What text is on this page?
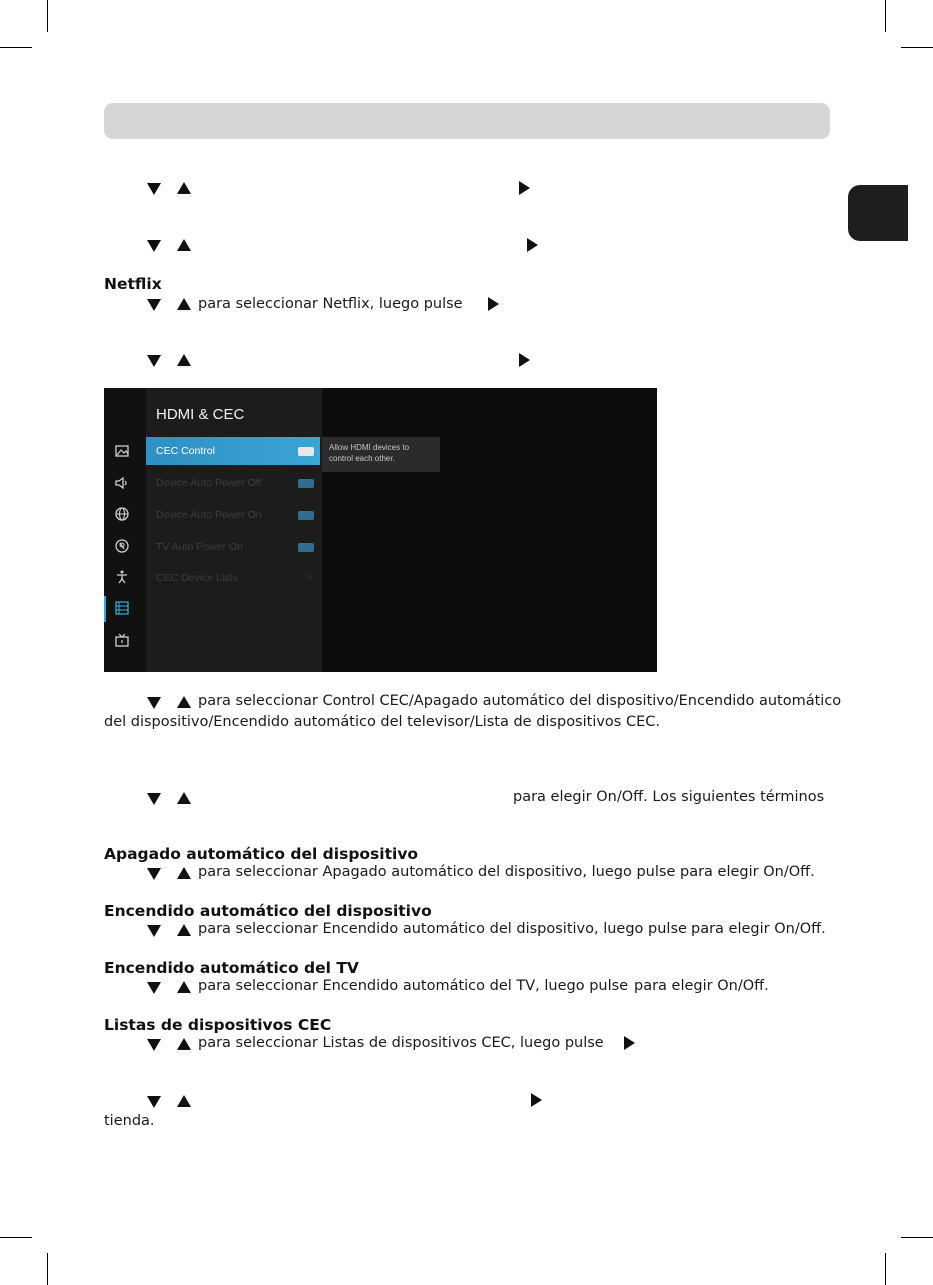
Netflix
para seleccionar Netflix, luego pulse
HDMI & CEC
CEC Control
Device Auto Power Off
Device Auto Power On
TV Auto Power On
CEC Device Lists	›
Allow HDMI devices to control each other.
para seleccionar Control CEC/Apagado automático del dispositivo/Encendido automático
del dispositivo/Encendido automático del televisor/Lista de dispositivos CEC.
para elegir On/Off. Los siguientes términos
Apagado automático del dispositivo
para seleccionar Apagado automático del dispositivo, luego pulse para elegir On/Off.
Encendido automático del dispositivo
para seleccionar Encendido automático del dispositivo, luego pulse para elegir On/Off.
Encendido automático del TV
para seleccionar Encendido automático del TV, luego pulse para elegir On/Off.
Listas de dispositivos CEC
para seleccionar Listas de dispositivos CEC, luego pulse
tienda.
